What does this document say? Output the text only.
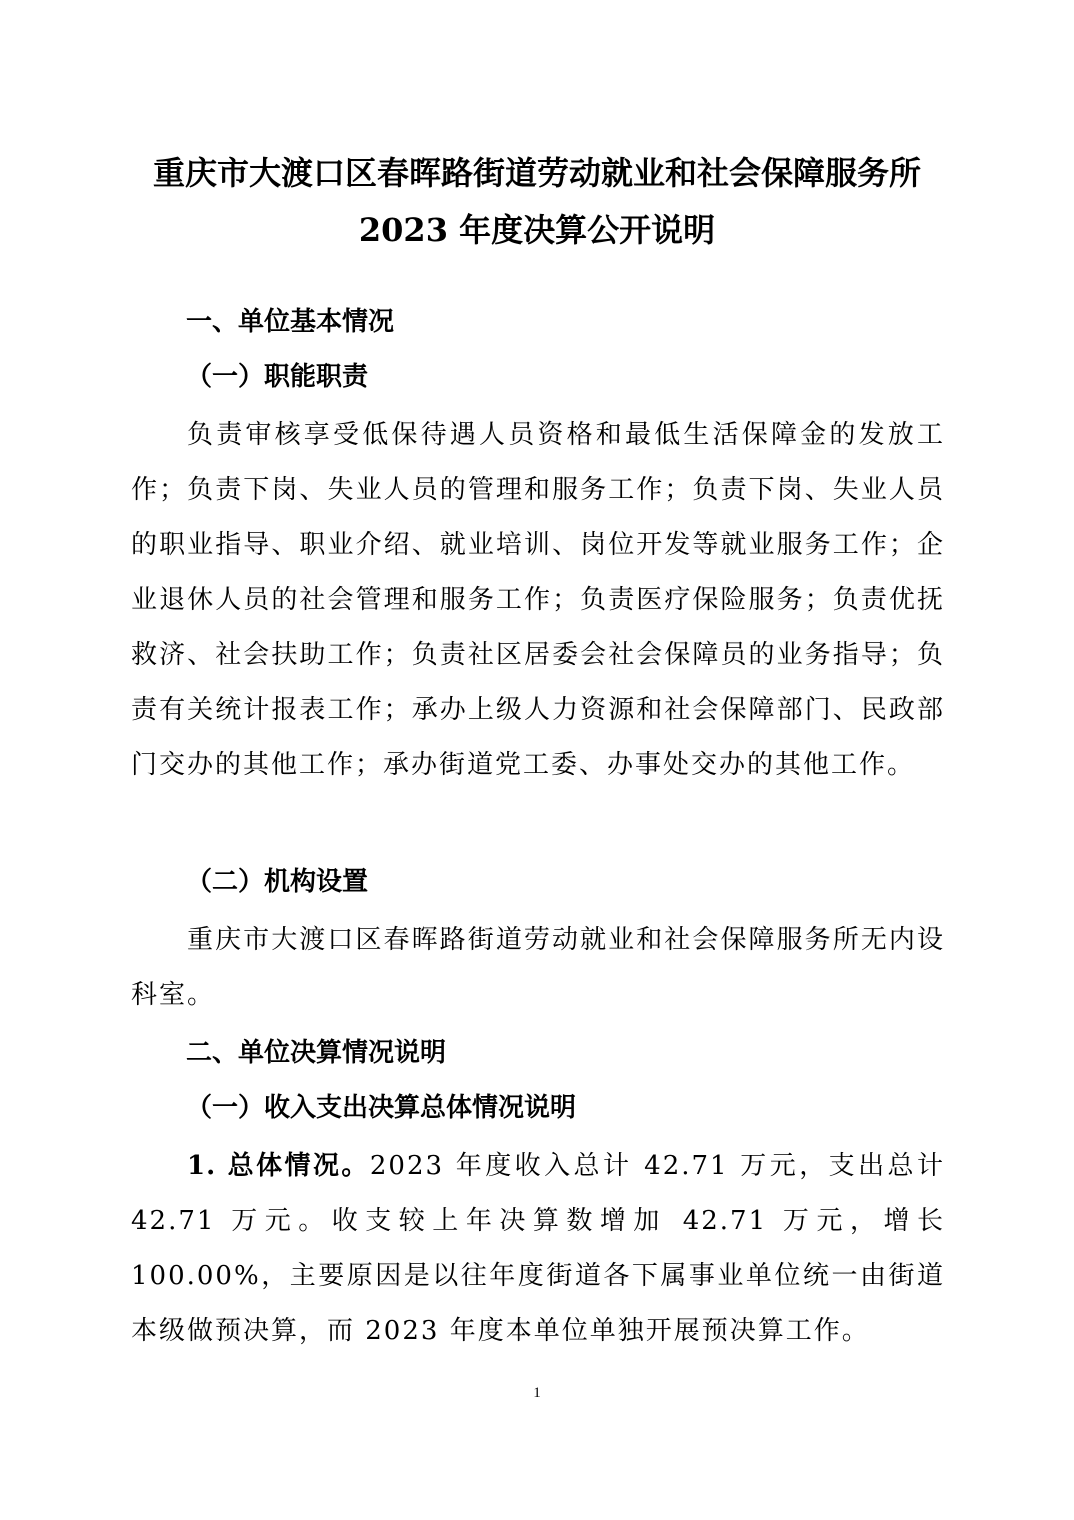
重庆市大渡口区春晖路街道劳动就业和社会保障服务所
2023 年度决算公开说明
一、单位基本情况
（一）职能职责
负责审核享受低保待遇人员资格和最低生活保障金的发放工作；负责下岗、失业人员的管理和服务工作；负责下岗、失业人员的职业指导、职业介绍、就业培训、岗位开发等就业服务工作；企业退休人员的社会管理和服务工作；负责医疗保险服务；负责优抚救济、社会扶助工作；负责社区居委会社会保障员的业务指导；负责有关统计报表工作；承办上级人力资源和社会保障部门、民政部门交办的其他工作；承办街道党工委、办事处交办的其他工作。
（二）机构设置
重庆市大渡口区春晖路街道劳动就业和社会保障服务所无内设科室。
二、单位决算情况说明
（一）收入支出决算总体情况说明
1. 总体情况。2023 年度收入总计 42.71 万元，支出总计 42.71 万元。收支较上年决算数增加 42.71 万元，增长 100.00%，主要原因是以往年度街道各下属事业单位统一由街道本级做预决算，而 2023 年度本单位单独开展预决算工作。
1
